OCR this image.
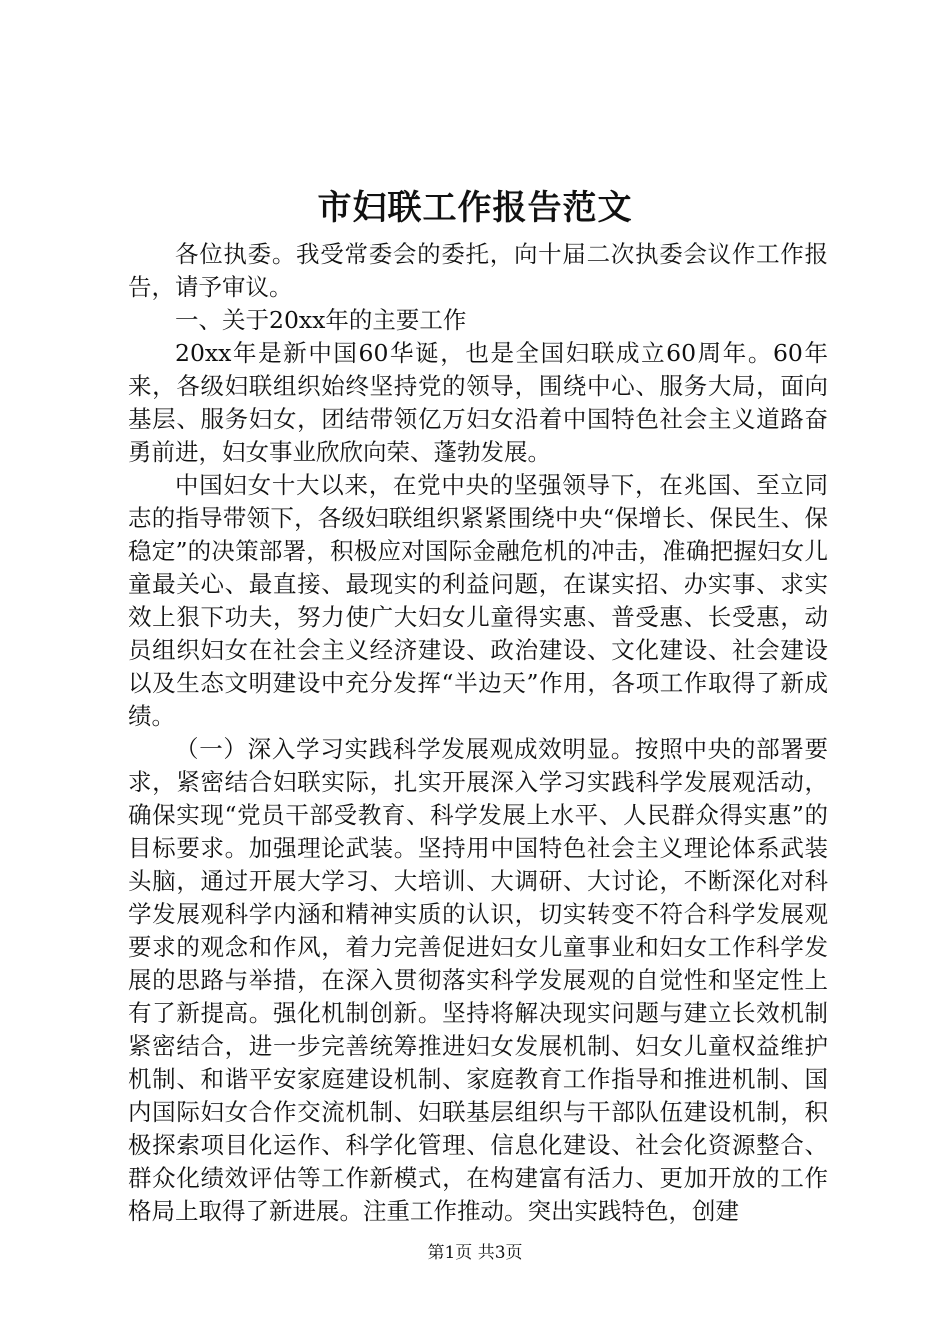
市妇联工作报告范文

各位执委。我受常委会的委托，向十届二次执委会议作工作报告，请予审议。

一、关于20xx年的主要工作

20xx年是新中国60华诞，也是全国妇联成立60周年。60年来，各级妇联组织始终坚持党的领导，围绕中心、服务大局，面向基层、服务妇女，团结带领亿万妇女沿着中国特色社会主义道路奋勇前进，妇女事业欣欣向荣、蓬勃发展。

中国妇女十大以来，在党中央的坚强领导下，在兆国、至立同志的指导带领下，各级妇联组织紧紧围绕中央“保增长、保民生、保稳定”的决策部署，积极应对国际金融危机的冲击，准确把握妇女儿童最关心、最直接、最现实的利益问题，在谋实招、办实事、求实效上狠下功夫，努力使广大妇女儿童得实惠、普受惠、长受惠，动员组织妇女在社会主义经济建设、政治建设、文化建设、社会建设以及生态文明建设中充分发挥“半边天”作用，各项工作取得了新成绩。

（一）深入学习实践科学发展观成效明显。按照中央的部署要求，紧密结合妇联实际，扎实开展深入学习实践科学发展观活动，确保实现“党员干部受教育、科学发展上水平、人民群众得实惠”的目标要求。加强理论武装。坚持用中国特色社会主义理论体系武装头脑，通过开展大学习、大培训、大调研、大讨论，不断深化对科学发展观科学内涵和精神实质的认识，切实转变不符合科学发展观要求的观念和作风，着力完善促进妇女儿童事业和妇女工作科学发展的思路与举措，在深入贯彻落实科学发展观的自觉性和坚定性上有了新提高。强化机制创新。坚持将解决现实问题与建立长效机制紧密结合，进一步完善统筹推进妇女发展机制、妇女儿童权益维护机制、和谐平安家庭建设机制、家庭教育工作指导和推进机制、国内国际妇女合作交流机制、妇联基层组织与干部队伍建设机制，积极探索项目化运作、科学化管理、信息化建设、社会化资源整合、群众化绩效评估等工作新模式，在构建富有活力、更加开放的工作格局上取得了新进展。注重工作推动。突出实践特色，创建

第1页 共3页
